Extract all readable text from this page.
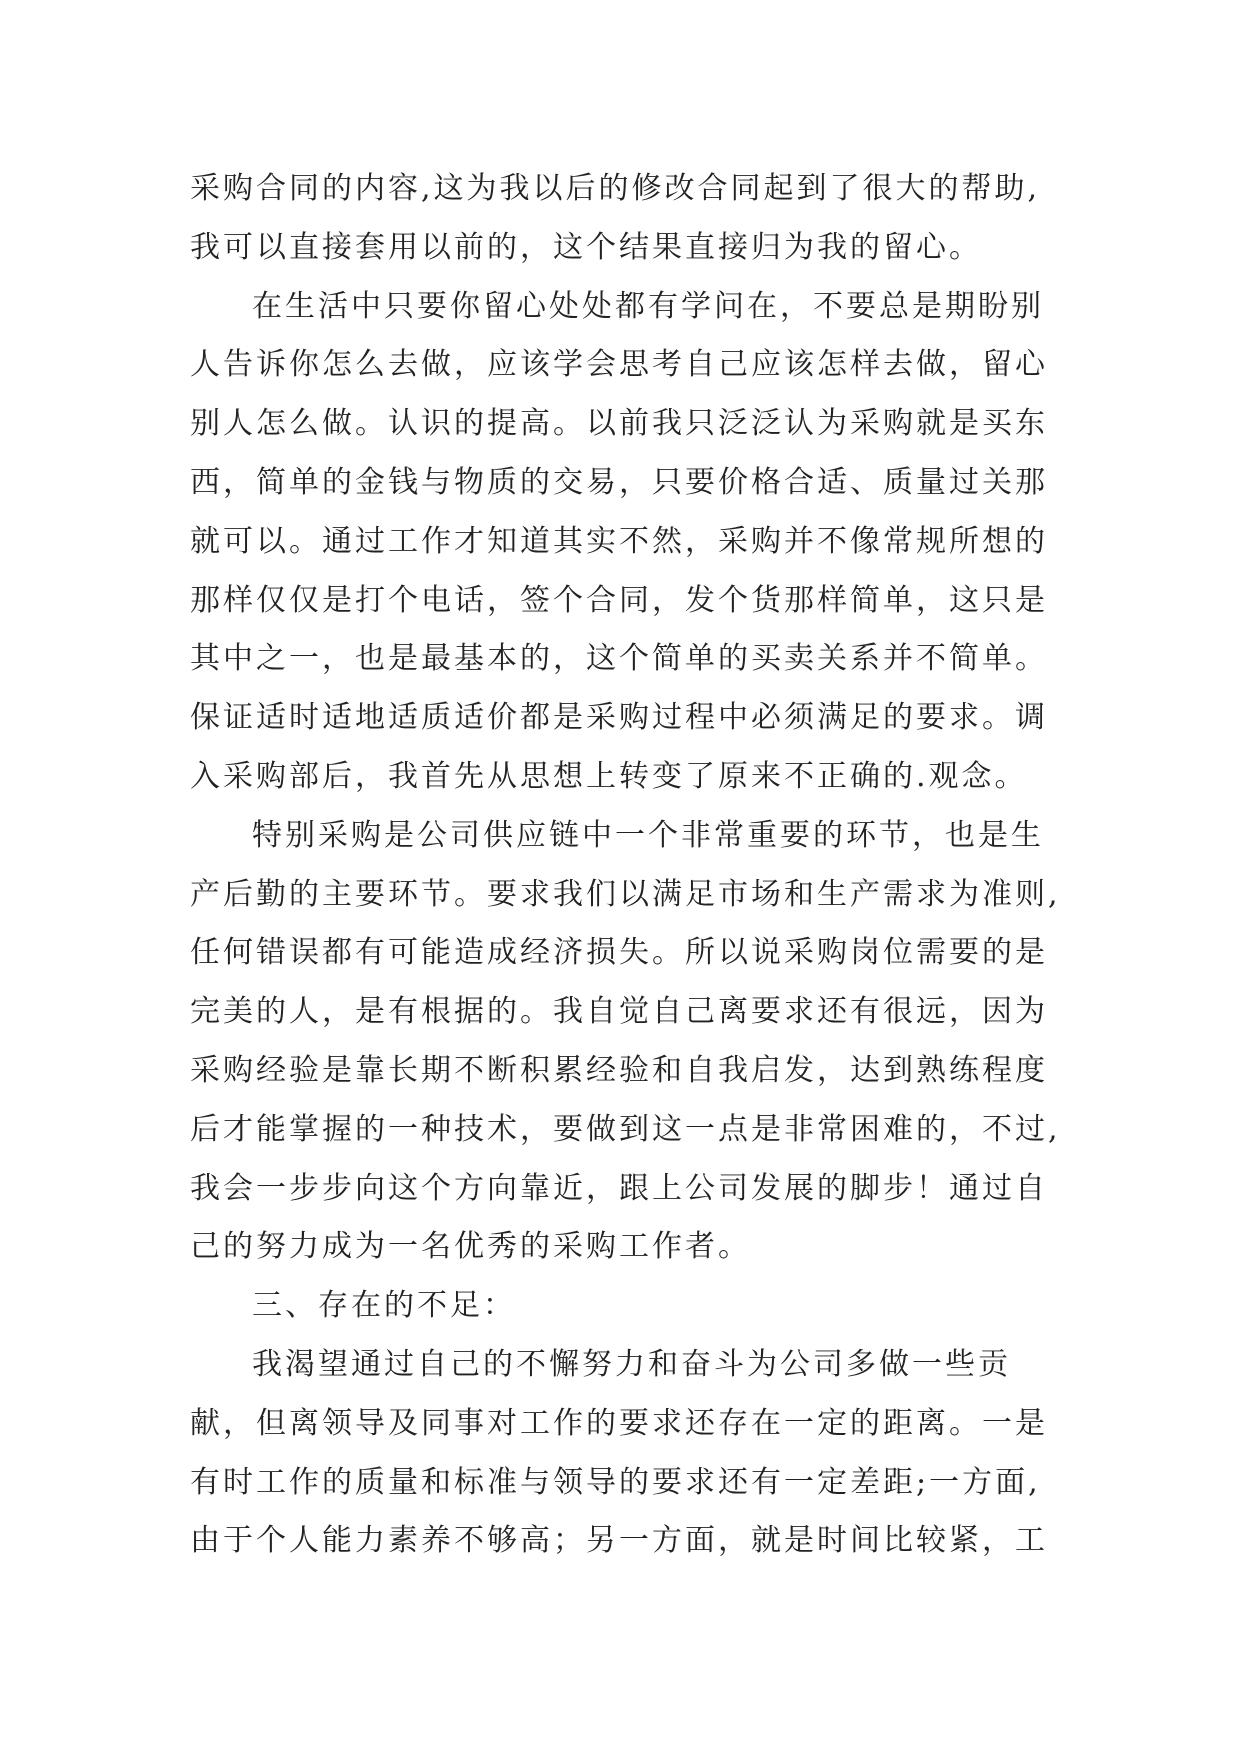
采购合同的内容,这为我以后的修改合同起到了很大的帮助,
我可以直接套用以前的，这个结果直接归为我的留心。
在生活中只要你留心处处都有学问在，不要总是期盼别
人告诉你怎么去做，应该学会思考自己应该怎样去做，留心
别人怎么做。认识的提高。以前我只泛泛认为采购就是买东
西，简单的金钱与物质的交易，只要价格合适、质量过关那
就可以。通过工作才知道其实不然，采购并不像常规所想的
那样仅仅是打个电话，签个合同，发个货那样简单，这只是
其中之一，也是最基本的，这个简单的买卖关系并不简单。
保证适时适地适质适价都是采购过程中必须满足的要求。调
入采购部后，我首先从思想上转变了原来不正确的.观念。
特别采购是公司供应链中一个非常重要的环节，也是生
产后勤的主要环节。要求我们以满足市场和生产需求为准则,
任何错误都有可能造成经济损失。所以说采购岗位需要的是
完美的人，是有根据的。我自觉自己离要求还有很远，因为
采购经验是靠长期不断积累经验和自我启发，达到熟练程度
后才能掌握的一种技术，要做到这一点是非常困难的，不过,
我会一步步向这个方向靠近，跟上公司发展的脚步！通过自
己的努力成为一名优秀的采购工作者。
三、存在的不足：
我渴望通过自己的不懈努力和奋斗为公司多做一些贡
献，但离领导及同事对工作的要求还存在一定的距离。一是
有时工作的质量和标准与领导的要求还有一定差距;一方面,
由于个人能力素养不够高；另一方面，就是时间比较紧，工
